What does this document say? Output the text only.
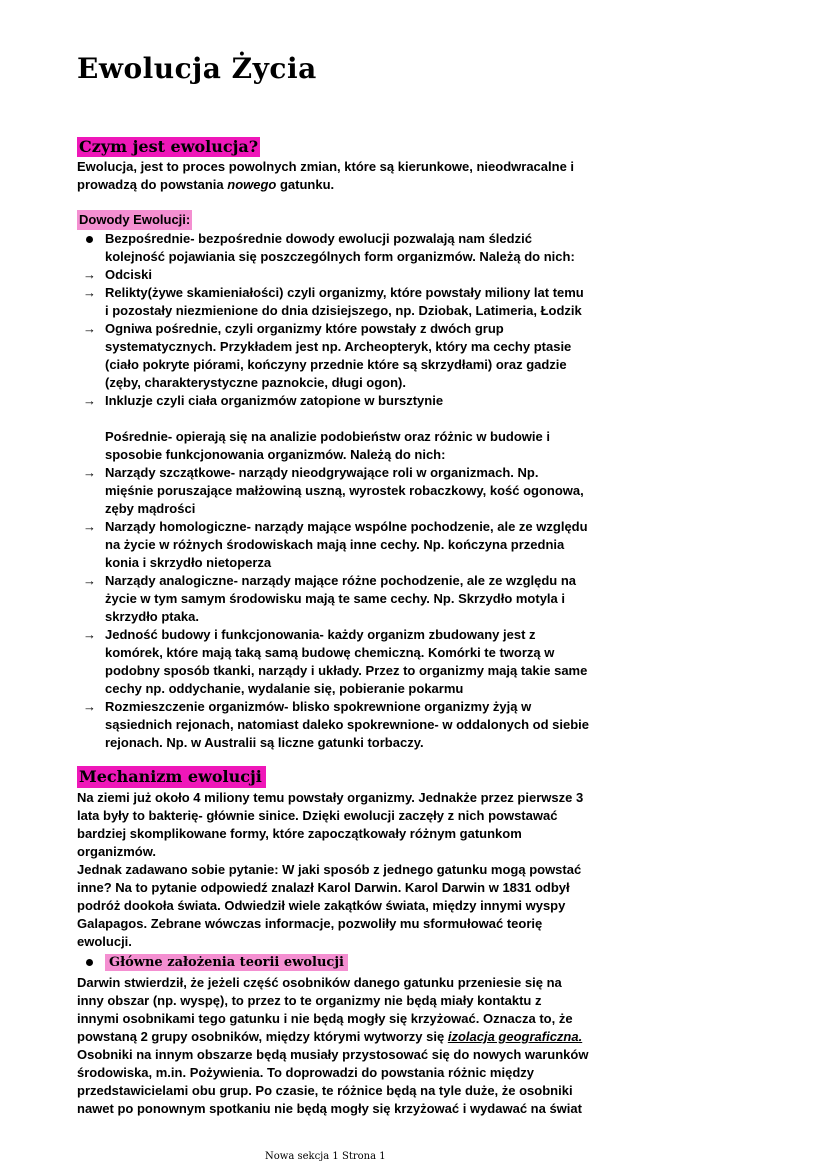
Ewolucja Życia
Czym jest ewolucja?
Ewolucja, jest to proces powolnych zmian, które są kierunkowe, nieodwracalne i
prowadzą do powstania nowego gatunku.
Dowody Ewolucji:
Bezpośrednie- bezpośrednie dowody ewolucji pozwalają nam śledzić
kolejność pojawiania się poszczególnych form organizmów. Należą do nich:
→ Odciski
→ Relikty(żywe skamieniałości) czyli organizmy, które powstały miliony lat temu
i pozostały niezmienione do dnia dzisiejszego, np. Dziobak, Latimeria, Łodzik
→ Ogniwa pośrednie, czyli organizmy które powstały z dwóch grup
systematycznych. Przykładem jest np. Archeopteryk, który ma cechy ptasie
(ciało pokryte piórami, kończyny przednie które są skrzydłami) oraz gadzie
(zęby, charakterystyczne paznokcie, długi ogon).
→ Inkluzje czyli ciała organizmów zatopione w bursztynie
Pośrednie- opierają się na analizie podobieństw oraz różnic w budowie i
sposobie funkcjonowania organizmów. Należą do nich:
→ Narządy szczątkowe- narządy nieodgrywające roli w organizmach. Np.
mięśnie poruszające małżowiną uszną, wyrostek robaczkowy, kość ogonowa,
zęby mądrości
→ Narządy homologiczne- narządy mające wspólne pochodzenie, ale ze względu
na życie w różnych środowiskach mają inne cechy. Np. kończyna przednia
konia i skrzydło nietoperza
→ Narządy analogiczne- narządy mające różne pochodzenie, ale ze względu na
życie w tym samym środowisku mają te same cechy. Np. Skrzydło motyla i
skrzydło ptaka.
→ Jedność budowy i funkcjonowania- każdy organizm zbudowany jest z
komórek, które mają taką samą budowę chemiczną. Komórki te tworzą w
podobny sposób tkanki, narządy i układy. Przez to organizmy mają takie same
cechy np. oddychanie, wydalanie się, pobieranie pokarmu
→ Rozmieszczenie organizmów- blisko spokrewnione organizmy żyją w
sąsiednich rejonach, natomiast daleko spokrewnione- w oddalonych od siebie
rejonach. Np. w Australii są liczne gatunki torbaczy.
Mechanizm ewolucji
Na ziemi już około 4 miliony temu powstały organizmy. Jednakże przez pierwsze 3
lata były to bakterię- głównie sinice. Dzięki ewolucji zaczęły z nich powstawać
bardziej skomplikowane formy, które zapoczątkowały różnym gatunkom
organizmów.
Jednak zadawano sobie pytanie: W jaki sposób z jednego gatunku mogą powstać
inne? Na to pytanie odpowiedź znalazł Karol Darwin. Karol Darwin w 1831 odbył
podróż dookoła świata. Odwiedził wiele zakątków świata, między innymi wyspy
Galapagos. Zebrane wówczas informacje, pozwoliły mu sformułować teorię
ewolucji.
Główne założenia teorii ewolucji
Darwin stwierdził, że jeżeli część osobników danego gatunku przeniesie się na
inny obszar (np. wyspę), to przez to te organizmy nie będą miały kontaktu z
innymi osobnikami tego gatunku i nie będą mogły się krzyżować. Oznacza to, że
powstaną 2 grupy osobników, między którymi wytworzy się izolacja geograficzna.
Osobniki na innym obszarze będą musiały przystosować się do nowych warunków
środowiska, m.in. Pożywienia. To doprowadzi do powstania różnic między
przedstawicielami obu grup. Po czasie, te różnice będą na tyle duże, że osobniki
nawet po ponownym spotkaniu nie będą mogły się krzyżować i wydawać na świat
Nowa sekcja 1 Strona 1
